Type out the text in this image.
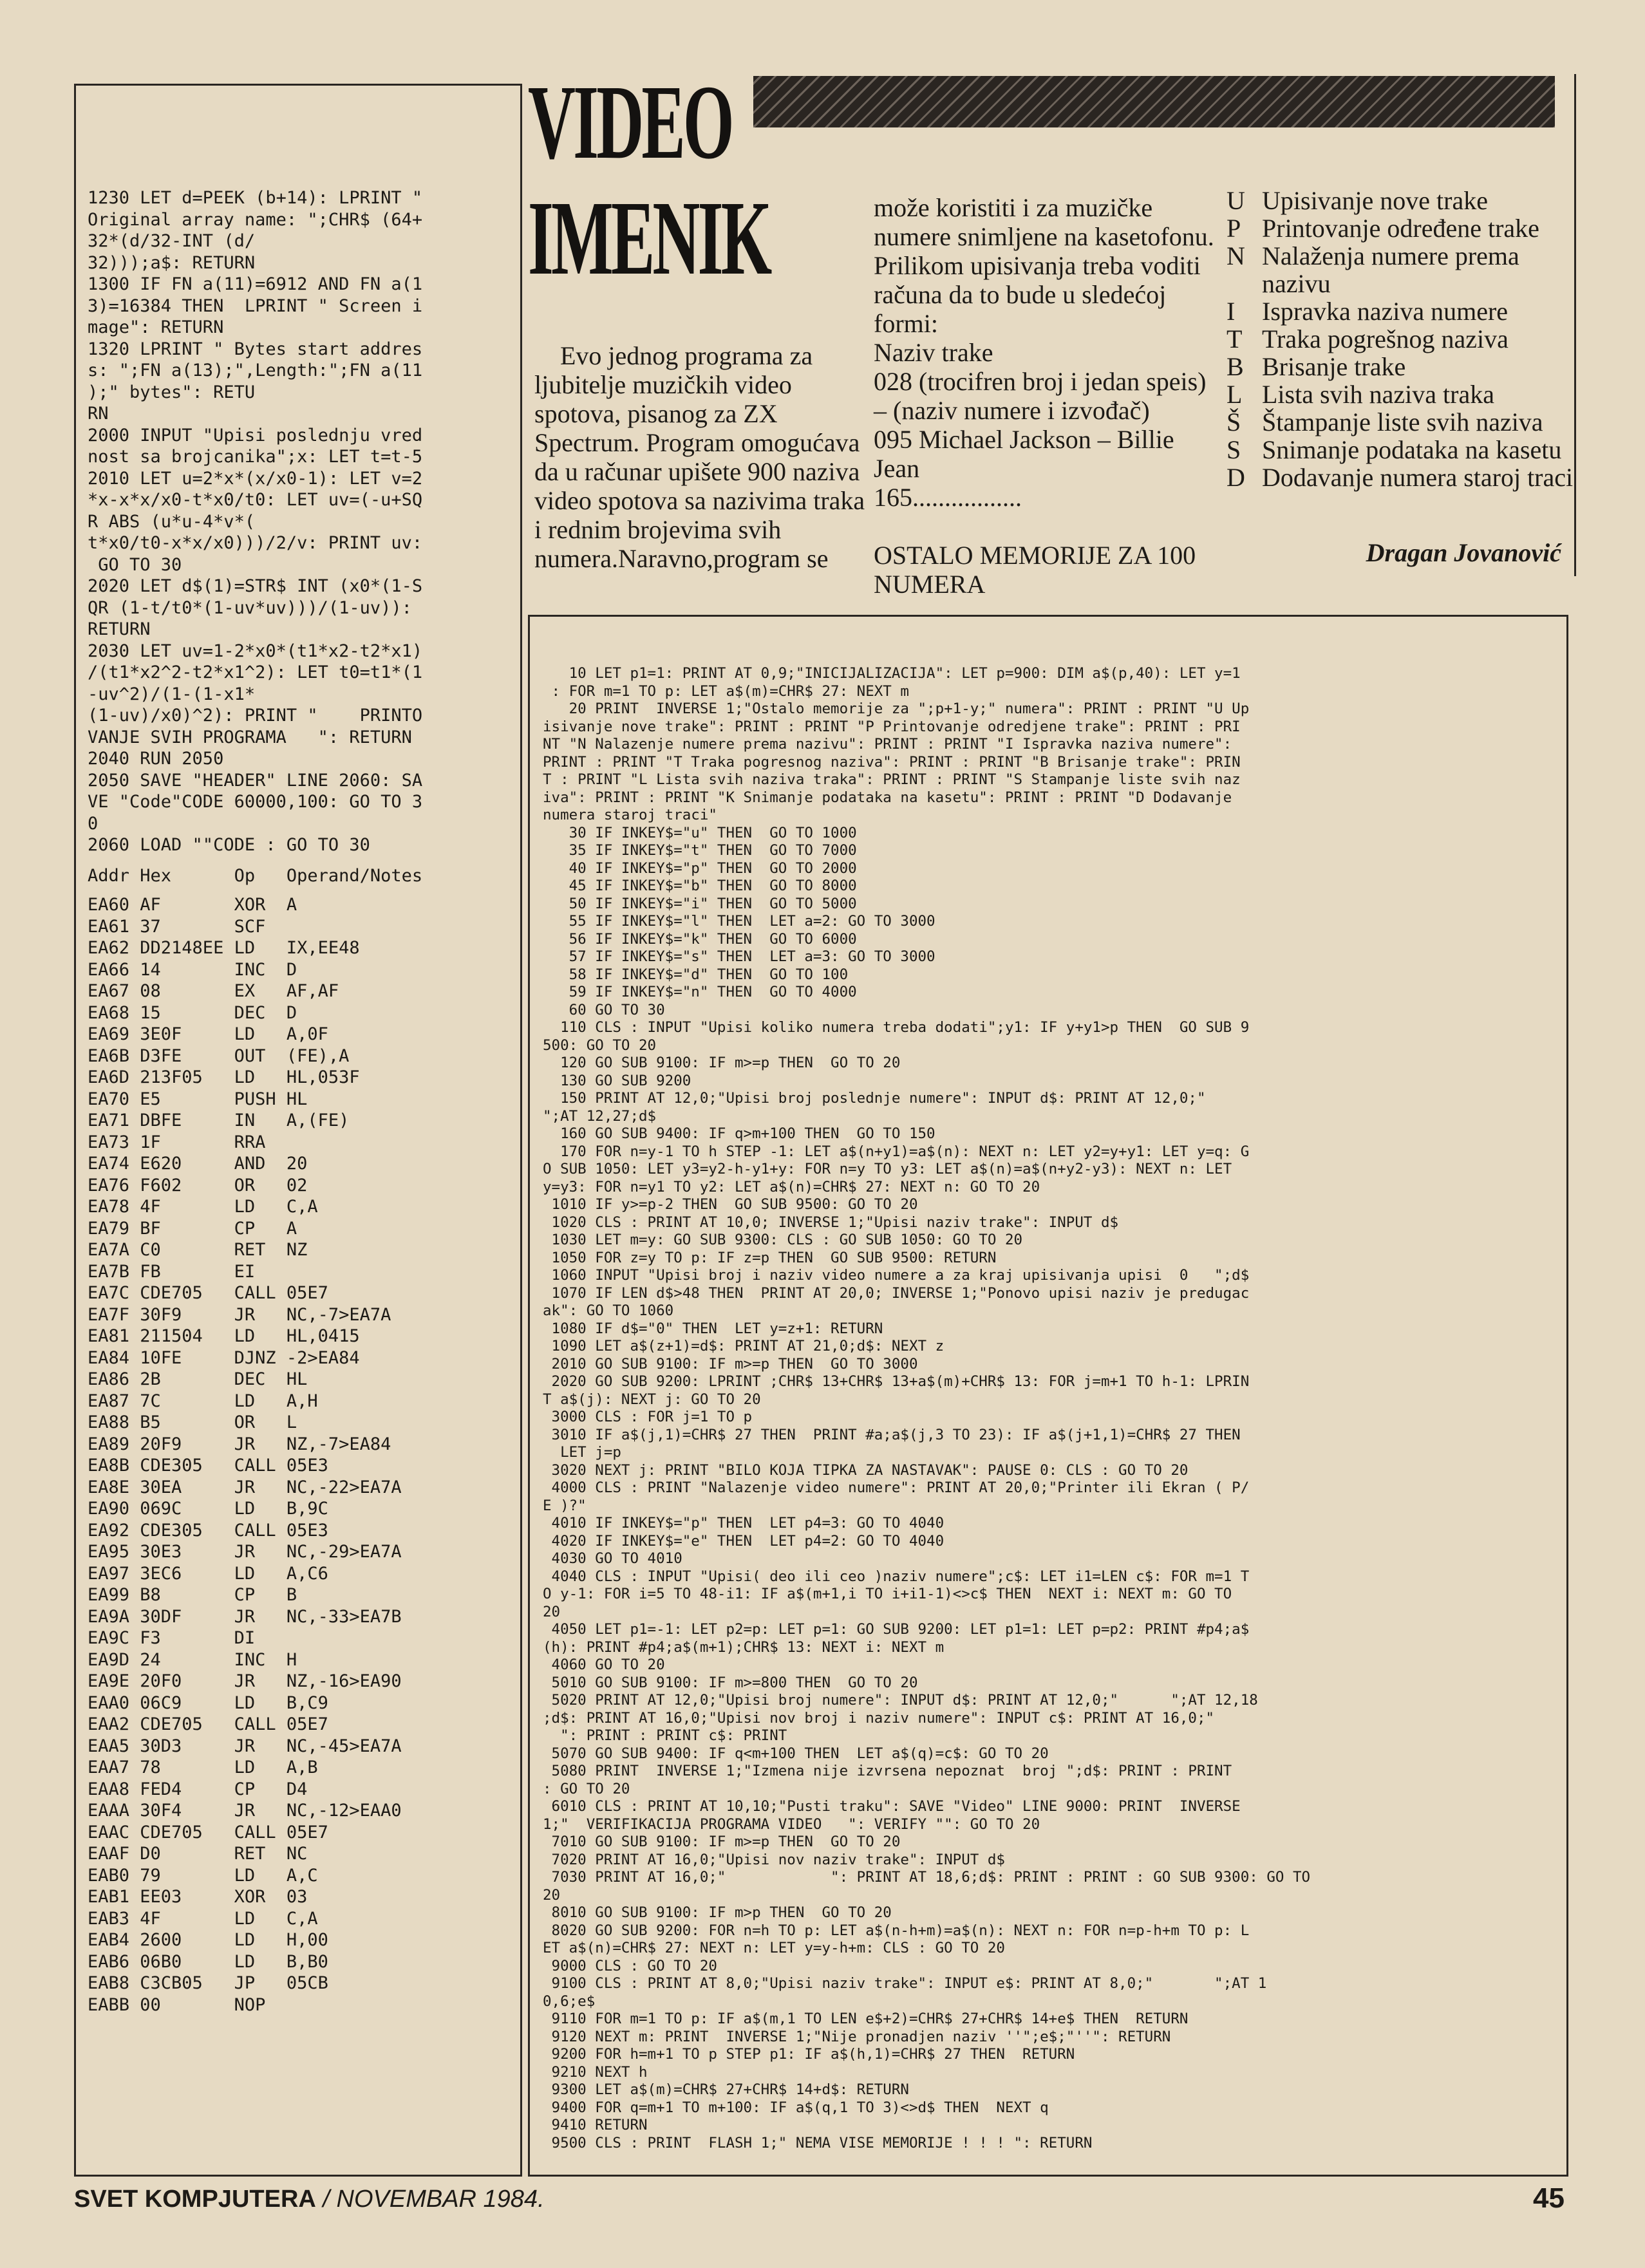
1230 LET d=PEEK (b+14): LPRINT "
Original array name: ";CHR$ (64+
32*(d/32-INT (d/
32)));a$: RETURN
1300 IF FN a(11)=6912 AND FN a(1
3)=16384 THEN  LPRINT " Screen i
mage": RETURN
1320 LPRINT " Bytes start addres
s: ";FN a(13);",Length:";FN a(11
);" bytes": RETU
RN
2000 INPUT "Upisi poslednju vred
nost sa brojcanika";x: LET t=t-5
2010 LET u=2*x*(x/x0-1): LET v=2
*x-x*x/x0-t*x0/t0: LET uv=(-u+SQ
R ABS (u*u-4*v*(
t*x0/t0-x*x/x0)))/2/v: PRINT uv:
GO TO 30
2020 LET d$(1)=STR$ INT (x0*(1-S
QR (1-t/t0*(1-uv*uv)))/(1-uv)):
RETURN
2030 LET uv=1-2*x0*(t1*x2-t2*x1)
/(t1*x2^2-t2*x1^2): LET t0=t1*(1
-uv^2)/(1-(1-x1*
(1-uv)/x0)^2): PRINT "    PRINTO
VANJE SVIH PROGRAMA   ": RETURN
2040 RUN 2050
2050 SAVE "HEADER" LINE 2060: SA
VE "Code"CODE 60000,100: GO TO 3
0
2060 LOAD ""CODE : GO TO 30
Addr Hex      Op   Operand/Notes
EA60 AF       XOR  A
EA61 37       SCF
EA62 DD2148EE LD   IX,EE48
EA66 14       INC  D
EA67 08       EX   AF,AF
EA68 15       DEC  D
EA69 3E0F     LD   A,0F
EA6B D3FE     OUT  (FE),A
EA6D 213F05   LD   HL,053F
EA70 E5       PUSH HL
EA71 DBFE     IN   A,(FE)
EA73 1F       RRA
EA74 E620     AND  20
EA76 F602     OR   02
EA78 4F       LD   C,A
EA79 BF       CP   A
EA7A C0       RET  NZ
EA7B FB       EI
EA7C CDE705   CALL 05E7
EA7F 30F9     JR   NC,-7>EA7A
EA81 211504   LD   HL,0415
EA84 10FE     DJNZ -2>EA84
EA86 2B       DEC  HL
EA87 7C       LD   A,H
EA88 B5       OR   L
EA89 20F9     JR   NZ,-7>EA84
EA8B CDE305   CALL 05E3
EA8E 30EA     JR   NC,-22>EA7A
EA90 069C     LD   B,9C
EA92 CDE305   CALL 05E3
EA95 30E3     JR   NC,-29>EA7A
EA97 3EC6     LD   A,C6
EA99 B8       CP   B
EA9A 30DF     JR   NC,-33>EA7B
EA9C F3       DI
EA9D 24       INC  H
EA9E 20F0     JR   NZ,-16>EA90
EAA0 06C9     LD   B,C9
EAA2 CDE705   CALL 05E7
EAA5 30D3     JR   NC,-45>EA7A
EAA7 78       LD   A,B
EAA8 FED4     CP   D4
EAAA 30F4     JR   NC,-12>EAA0
EAAC CDE705   CALL 05E7
EAAF D0       RET  NC
EAB0 79       LD   A,C
EAB1 EE03     XOR  03
EAB3 4F       LD   C,A
EAB4 2600     LD   H,00
EAB6 06B0     LD   B,B0
EAB8 C3CB05   JP   05CB
EABB 00       NOP
VIDEO
IMENIK
Evo jednog programa za ljubitelje muzičkih video spotova, pisanog za ZX Spectrum. Program omogućava da u računar upišete 900 naziva video spotova sa nazivima traka i rednim brojevima svih numera.Naravno,program se
može koristiti i za muzičke numere snimljene na kasetofonu. Prilikom upisivanja treba voditi računa da to bude u sledećoj formi:
Naziv trake
028 (trocifren broj i jedan speis) – (naziv numere i izvođač)
095 Michael Jackson – Billie Jean
165.................
OSTALO MEMORIJE ZA 100 NUMERA
U Upisivanje nove trake
P Printovanje određene trake
N Nalaženja numere prema nazivu
I	Ispravka naziva numere
T Traka pogrešnog naziva
B Brisanje trake
L Lista svih naziva traka
Š Štampanje liste svih naziva
S Snimanje podataka na kasetu
D Dodavanje numera staroj traci
Dragan Jovanović
10 LET p1=1: PRINT AT 0,9;"INICIJALIZACIJA": LET p=900: DIM a$(p,40): LET y=1
: FOR m=1 TO p: LET a$(m)=CHR$ 27: NEXT m
20 PRINT  INVERSE 1;"Ostalo memorije za ";p+1-y;" numera": PRINT : PRINT "U Up
isivanje nove trake": PRINT : PRINT "P Printovanje odredjene trake": PRINT : PRI
NT "N Nalazenje numere prema nazivu": PRINT : PRINT "I Ispravka naziva numere":
PRINT : PRINT "T Traka pogresnog naziva": PRINT : PRINT "B Brisanje trake": PRIN
T : PRINT "L Lista svih naziva traka": PRINT : PRINT "S Stampanje liste svih naz
iva": PRINT : PRINT "K Snimanje podataka na kasetu": PRINT : PRINT "D Dodavanje
numera staroj traci"
30 IF INKEY$="u" THEN  GO TO 1000
35 IF INKEY$="t" THEN  GO TO 7000
40 IF INKEY$="p" THEN  GO TO 2000
45 IF INKEY$="b" THEN  GO TO 8000
50 IF INKEY$="i" THEN  GO TO 5000
55 IF INKEY$="l" THEN  LET a=2: GO TO 3000
56 IF INKEY$="k" THEN  GO TO 6000
57 IF INKEY$="s" THEN  LET a=3: GO TO 3000
58 IF INKEY$="d" THEN  GO TO 100
59 IF INKEY$="n" THEN  GO TO 4000
60 GO TO 30
110 CLS : INPUT "Upisi koliko numera treba dodati";y1: IF y+y1>p THEN  GO SUB 9
500: GO TO 20
120 GO SUB 9100: IF m>=p THEN  GO TO 20
130 GO SUB 9200
150 PRINT AT 12,0;"Upisi broj poslednje numere": INPUT d$: PRINT AT 12,0;"
";AT 12,27;d$
160 GO SUB 9400: IF q>m+100 THEN  GO TO 150
170 FOR n=y-1 TO h STEP -1: LET a$(n+y1)=a$(n): NEXT n: LET y2=y+y1: LET y=q: G
O SUB 1050: LET y3=y2-h-y1+y: FOR n=y TO y3: LET a$(n)=a$(n+y2-y3): NEXT n: LET
y=y3: FOR n=y1 TO y2: LET a$(n)=CHR$ 27: NEXT n: GO TO 20
1010 IF y>=p-2 THEN  GO SUB 9500: GO TO 20
1020 CLS : PRINT AT 10,0; INVERSE 1;"Upisi naziv trake": INPUT d$
1030 LET m=y: GO SUB 9300: CLS : GO SUB 1050: GO TO 20
1050 FOR z=y TO p: IF z=p THEN  GO SUB 9500: RETURN
1060 INPUT "Upisi broj i naziv video numere a za kraj upisivanja upisi  0   ";d$
1070 IF LEN d$>48 THEN  PRINT AT 20,0; INVERSE 1;"Ponovo upisi naziv je predugac
ak": GO TO 1060
1080 IF d$="0" THEN  LET y=z+1: RETURN
1090 LET a$(z+1)=d$: PRINT AT 21,0;d$: NEXT z
2010 GO SUB 9100: IF m>=p THEN  GO TO 3000
2020 GO SUB 9200: LPRINT ;CHR$ 13+CHR$ 13+a$(m)+CHR$ 13: FOR j=m+1 TO h-1: LPRIN
T a$(j): NEXT j: GO TO 20
3000 CLS : FOR j=1 TO p
3010 IF a$(j,1)=CHR$ 27 THEN  PRINT #a;a$(j,3 TO 23): IF a$(j+1,1)=CHR$ 27 THEN
LET j=p
3020 NEXT j: PRINT "BILO KOJA TIPKA ZA NASTAVAK": PAUSE 0: CLS : GO TO 20
4000 CLS : PRINT "Nalazenje video numere": PRINT AT 20,0;"Printer ili Ekran ( P/
E )?"
4010 IF INKEY$="p" THEN  LET p4=3: GO TO 4040
4020 IF INKEY$="e" THEN  LET p4=2: GO TO 4040
4030 GO TO 4010
4040 CLS : INPUT "Upisi( deo ili ceo )naziv numere";c$: LET i1=LEN c$: FOR m=1 T
O y-1: FOR i=5 TO 48-i1: IF a$(m+1,i TO i+i1-1)<>c$ THEN  NEXT i: NEXT m: GO TO
20
4050 LET p1=-1: LET p2=p: LET p=1: GO SUB 9200: LET p1=1: LET p=p2: PRINT #p4;a$
(h): PRINT #p4;a$(m+1);CHR$ 13: NEXT i: NEXT m
4060 GO TO 20
5010 GO SUB 9100: IF m>=800 THEN  GO TO 20
5020 PRINT AT 12,0;"Upisi broj numere": INPUT d$: PRINT AT 12,0;"      ";AT 12,18
;d$: PRINT AT 16,0;"Upisi nov broj i naziv numere": INPUT c$: PRINT AT 16,0;"
": PRINT : PRINT c$: PRINT
5070 GO SUB 9400: IF q<m+100 THEN  LET a$(q)=c$: GO TO 20
5080 PRINT  INVERSE 1;"Izmena nije izvrsena nepoznat  broj ";d$: PRINT : PRINT
: GO TO 20
6010 CLS : PRINT AT 10,10;"Pusti traku": SAVE "Video" LINE 9000: PRINT  INVERSE
1;"  VERIFIKACIJA PROGRAMA VIDEO   ": VERIFY "": GO TO 20
7010 GO SUB 9100: IF m>=p THEN  GO TO 20
7020 PRINT AT 16,0;"Upisi nov naziv trake": INPUT d$
7030 PRINT AT 16,0;"            ": PRINT AT 18,6;d$: PRINT : PRINT : GO SUB 9300: GO TO
20
8010 GO SUB 9100: IF m>p THEN  GO TO 20
8020 GO SUB 9200: FOR n=h TO p: LET a$(n-h+m)=a$(n): NEXT n: FOR n=p-h+m TO p: L
ET a$(n)=CHR$ 27: NEXT n: LET y=y-h+m: CLS : GO TO 20
9000 CLS : GO TO 20
9100 CLS : PRINT AT 8,0;"Upisi naziv trake": INPUT e$: PRINT AT 8,0;"       ";AT 1
0,6;e$
9110 FOR m=1 TO p: IF a$(m,1 TO LEN e$+2)=CHR$ 27+CHR$ 14+e$ THEN  RETURN
9120 NEXT m: PRINT  INVERSE 1;"Nije pronadjen naziv ''";e$;"''": RETURN
9200 FOR h=m+1 TO p STEP p1: IF a$(h,1)=CHR$ 27 THEN  RETURN
9210 NEXT h
9300 LET a$(m)=CHR$ 27+CHR$ 14+d$: RETURN
9400 FOR q=m+1 TO m+100: IF a$(q,1 TO 3)<>d$ THEN  NEXT q
9410 RETURN
9500 CLS : PRINT  FLASH 1;" NEMA VISE MEMORIJE ! ! ! ": RETURN
SVET KOMPJUTERA / NOVEMBAR 1984.	45
